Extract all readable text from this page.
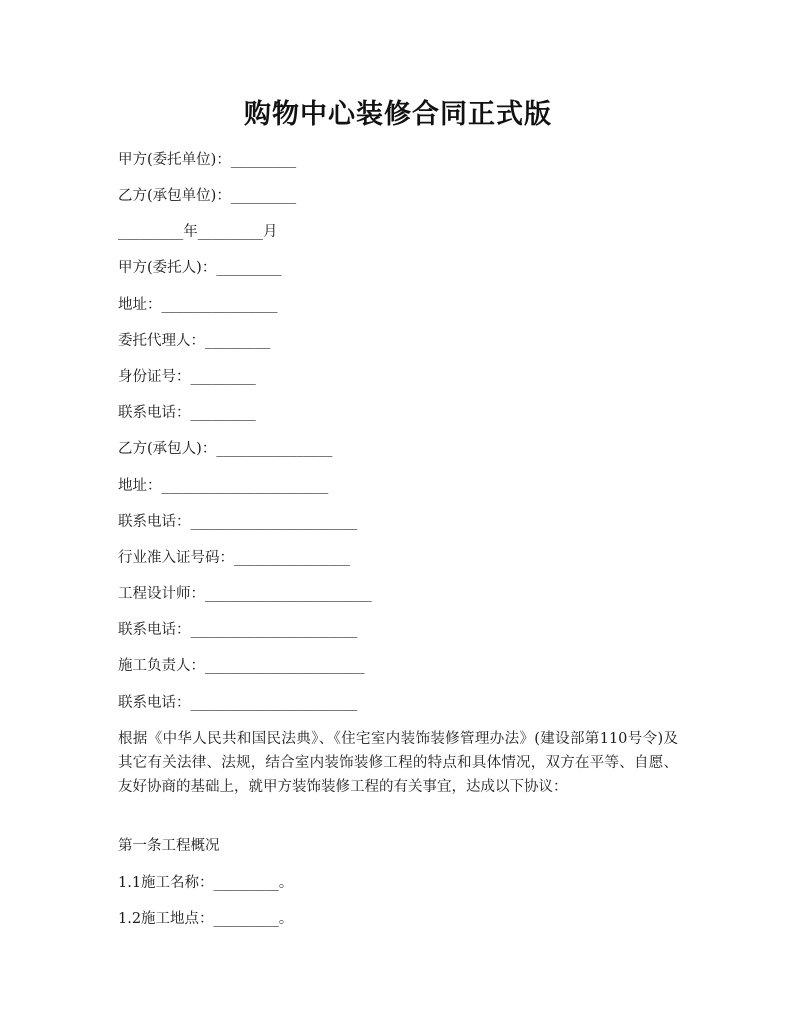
购物中心装修合同正式版
甲方(委托单位)：_________
乙方(承包单位)：_________
_________年_________月
甲方(委托人)：_________
地址：________________
委托代理人：_________
身份证号：_________
联系电话：_________
乙方(承包人)：________________
地址：_______________________
联系电话：_______________________
行业准入证号码：________________
工程设计师：_______________________
联系电话：_______________________
施工负责人：______________________
联系电话：_______________________
根据《中华人民共和国民法典》、《住宅室内装饰装修管理办法》(建设部第110号令)及其它有关法律、法规，结合室内装饰装修工程的特点和具体情况，双方在平等、自愿、友好协商的基础上，就甲方装饰装修工程的有关事宜，达成以下协议：
第一条工程概况
1.1施工名称：_________。
1.2施工地点：_________。
